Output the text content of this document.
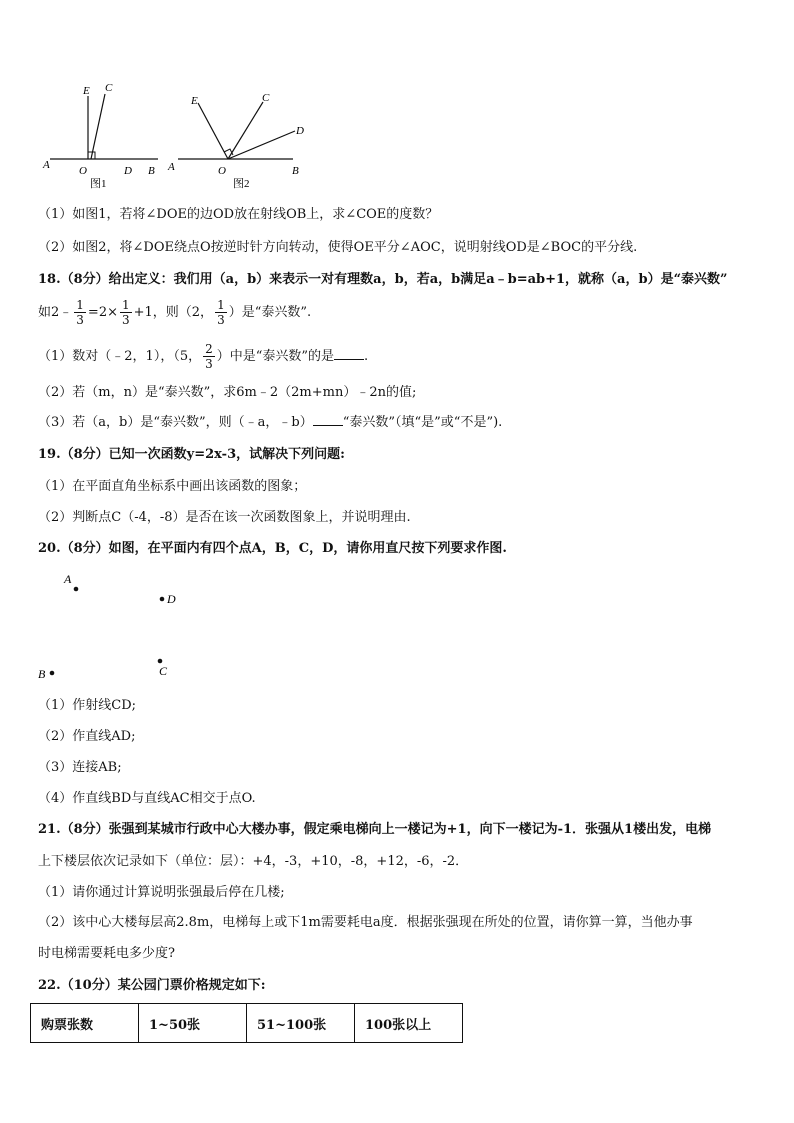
E C
A	O	D B
图1
E	C
D
A	O	B
图2
（1）如图1，若将∠DOE的边OD放在射线OB上，求∠COE的度数？
（2）如图2，将∠DOE绕点O按逆时针方向转动，使得OE平分∠AOC，说明射线OD是∠BOC的平分线.
18.（8分）给出定义：我们用（a，b）来表示一对有理数a，b，若a，b满足a﹣b=ab+1，就称（a，b）是“泰兴数”
如2﹣ $\frac{1}{3} =2\times \frac{1}{3} +1$，则（2， $\frac{1}{3}$ ）是“泰兴数”.
（1）数对（﹣2，1），（5， $\frac{2}{3}$ ）中是“泰兴数”的是 .
（2）若（m，n）是“泰兴数”，求6m﹣2（2m+mn）﹣2n的值;
（3）若（a，b）是“泰兴数”，则（﹣a，﹣b） “泰兴数”（填“是”或“不是”).
19.（8分）已知一次函数y=2x-3，试解决下列问题:
（1）在平面直角坐标系中画出该函数的图象；
（2）判断点C（-4，-8）是否在该一次函数图象上，并说明理由.
20.（8分）如图，在平面内有四个点A，B，C，D，请你用直尺按下列要求作图.
A
D
B	C
（1）作射线CD;
（2）作直线AD;
（3）连接AB;
（4）作直线BD与直线AC相交于点O.
21.（8分）张强到某城市行政中心大楼办事，假定乘电梯向上一楼记为+1，向下一楼记为-1．张强从1楼出发，电梯
上下楼层依次记录如下（单位：层）：+4，-3，+10，-8，+12，-6，-2．
（1）请你通过计算说明张强最后停在几楼;
（2）该中心大楼每层高2.8m，电梯每上或下1m需要耗电a度．根据张强现在所处的位置，请你算一算，当他办事
时电梯需要耗电多少度?
22.（10分）某公园门票价格规定如下:
购票张数	1~50张	51~100张	100张以上
